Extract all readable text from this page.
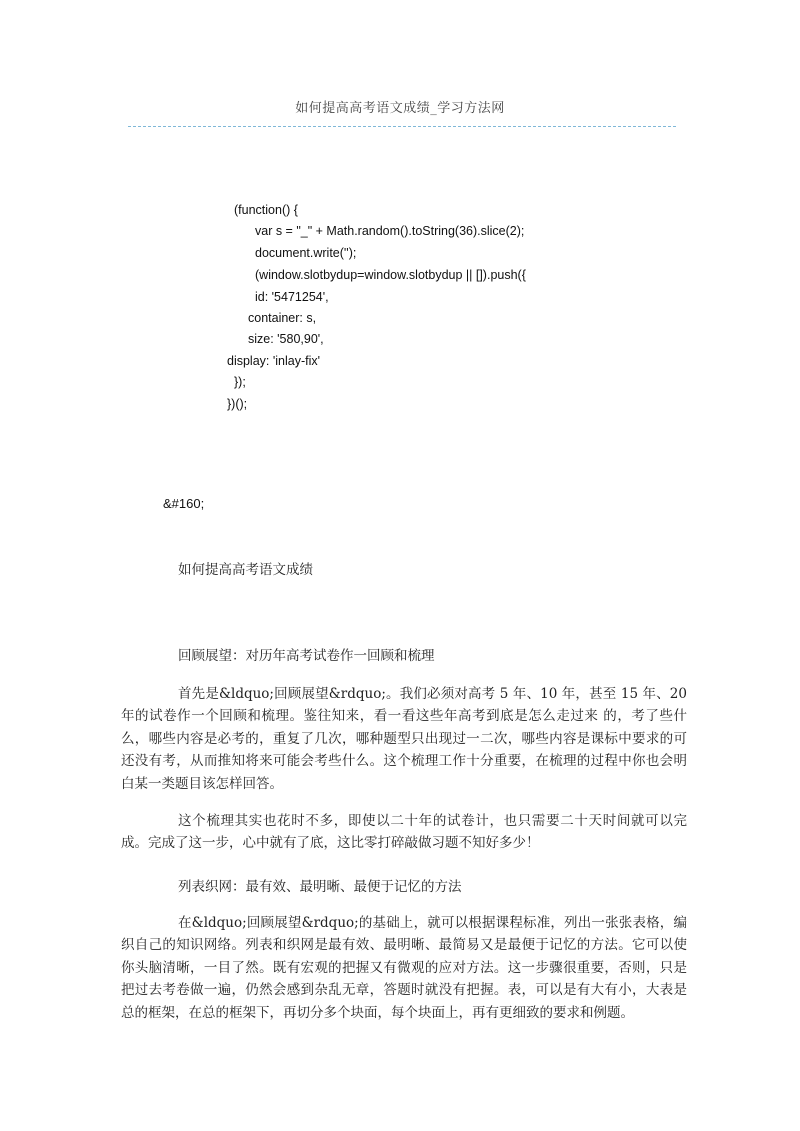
如何提高高考语文成绩_学习方法网
(function() {
var s = "_" + Math.random().toString(36).slice(2);
document.write('');
(window.slotbydup=window.slotbydup || []).push({
id: '5471254',
container: s,
size: '580,90',
display: 'inlay-fix'
});
})();
&#160;
如何提高高考语文成绩
回顾展望：对历年高考试卷作一回顾和梳理

首先是&ldquo;回顾展望&rdquo;。我们必须对高考 5 年、10 年，甚至 15 年、20 年的试卷作一个回顾和梳理。鉴往知来，看一看这些年高考到底是怎么走过来 的，考了些什么，哪些内容是必考的，重复了几次，哪种题型只出现过一二次，哪些内容是课标中要求的可还没有考，从而推知将来可能会考些什么。这个梳理工作十分重要，在梳理的过程中你也会明白某一类题目该怎样回答。

这个梳理其实也花时不多，即使以二十年的试卷计，也只需要二十天时间就可以完成。完成了这一步，心中就有了底，这比零打碎敲做习题不知好多少！

列表织网：最有效、最明晰、最便于记忆的方法

在&ldquo;回顾展望&rdquo;的基础上，就可以根据课程标准，列出一张张表格，编织自己的知识网络。列表和织网是最有效、最明晰、最简易又是最便于记忆的方法。它可以使你头脑清晰，一目了然。既有宏观的把握又有微观的应对方法。这一步骤很重要，否则，只是把过去考卷做一遍，仍然会感到杂乱无章，答题时就没有把握。表，可以是有大有小，大表是总的框架，在总的框架下，再切分多个块面，每个块面上，再有更细致的要求和例题。
